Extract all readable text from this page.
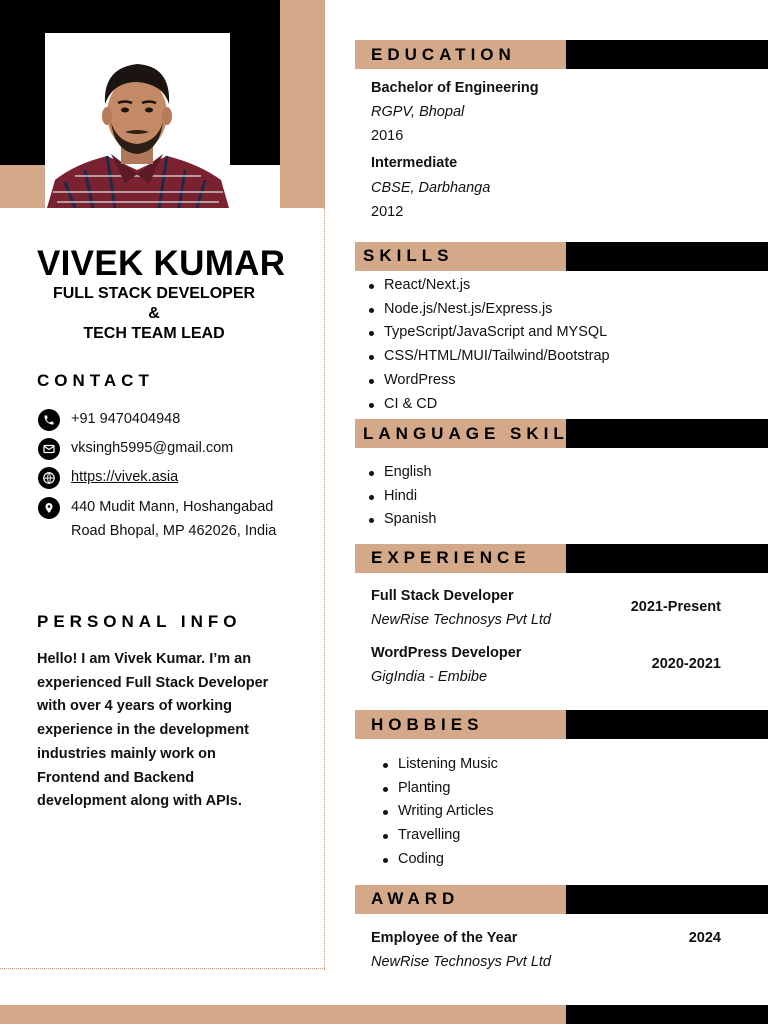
VIVEK KUMAR
FULL STACK DEVELOPER
&
TECH TEAM LEAD
CONTACT
+91 9470404948
vksingh5995@gmail.com
https://vivek.asia
440 Mudit Mann, Hoshangabad
Road Bhopal, MP 462026, India
PERSONAL INFO
Hello! I am Vivek Kumar. I’m an experienced Full Stack Developer with over 4 years of working experience in the development industries mainly work on Frontend and Backend development along with APIs.
EDUCATION
Bachelor of Engineering
RGPV, Bhopal
2016
Intermediate
CBSE, Darbhanga
2012
SKILLS
React/Next.js
Node.js/Nest.js/Express.js
TypeScript/JavaScript and MYSQL
CSS/HTML/MUI/Tailwind/Bootstrap
WordPress
CI & CD
LANGUAGE SKILL
English
Hindi
Spanish
EXPERIENCE
Full Stack Developer
NewRise Technosys Pvt Ltd
2021-Present
WordPress Developer
GigIndia - Embibe
2020-2021
HOBBIES
Listening Music
Planting
Writing Articles
Travelling
Coding
AWARD
Employee of the Year
NewRise Technosys Pvt Ltd
2024
